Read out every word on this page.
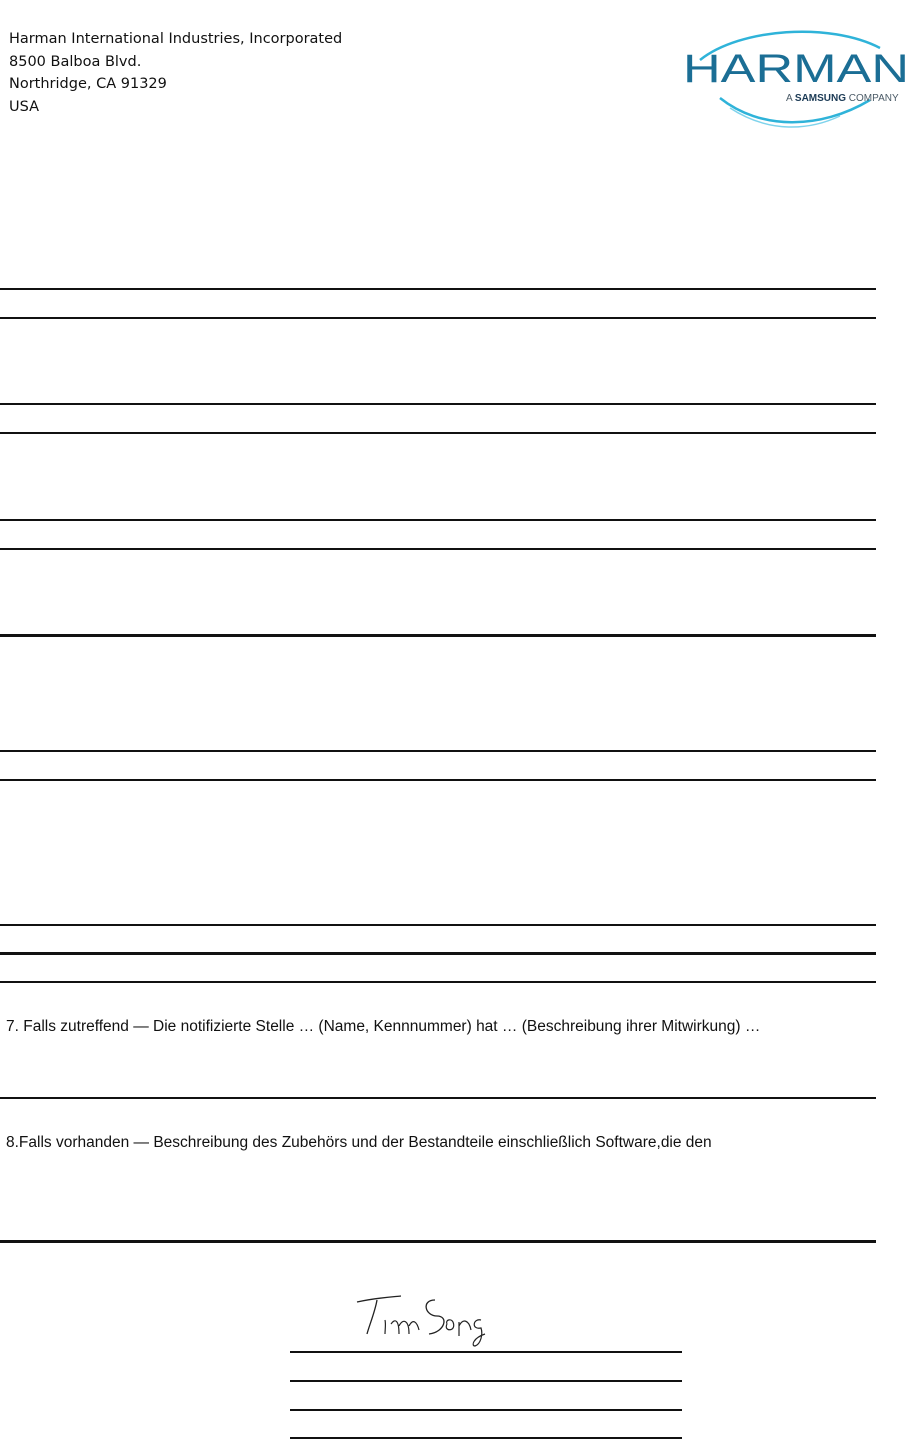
Harman International Industries, Incorporated
8500 Balboa Blvd.
Northridge, CA 91329
USA
HARMAN
A SAMSUNG COMPANY
7. Falls zutreffend — Die notifizierte Stelle … (Name, Kennnummer) hat … (Beschreibung ihrer Mitwirkung) …
8.Falls vorhanden — Beschreibung des Zubehörs und der Bestandteile einschließlich Software,die den
